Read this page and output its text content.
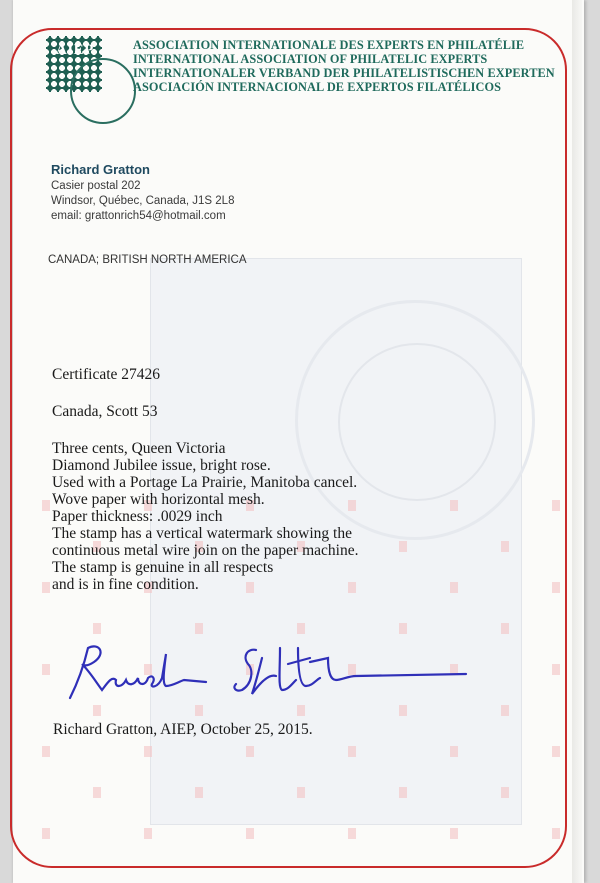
AIEP	ASSOCIATION INTERNATIONALE DES EXPERTS EN PHILATÉLIE
INTERNATIONAL ASSOCIATION OF PHILATELIC EXPERTS
INTERNATIONALER VERBAND DER PHILATELISTISCHEN EXPERTEN
ASOCIACIÓN INTERNACIONAL DE EXPERTOS FILATÉLICOS
Richard Gratton
Casier postal 202
Windsor, Québec, Canada, J1S 2L8
email: grattonrich54@hotmail.com
CANADA; BRITISH NORTH AMERICA
Certificate 27426
Canada, Scott 53
Three cents, Queen Victoria
Diamond Jubilee issue, bright rose.
Used with a Portage La Prairie, Manitoba cancel.
Wove paper with horizontal mesh.
Paper thickness: .0029 inch
The stamp has a vertical watermark showing the
continuous metal wire join on the paper machine.
The stamp is genuine in all respects
and is in fine condition.
Richard Gratton, AIEP, October 25, 2015.
